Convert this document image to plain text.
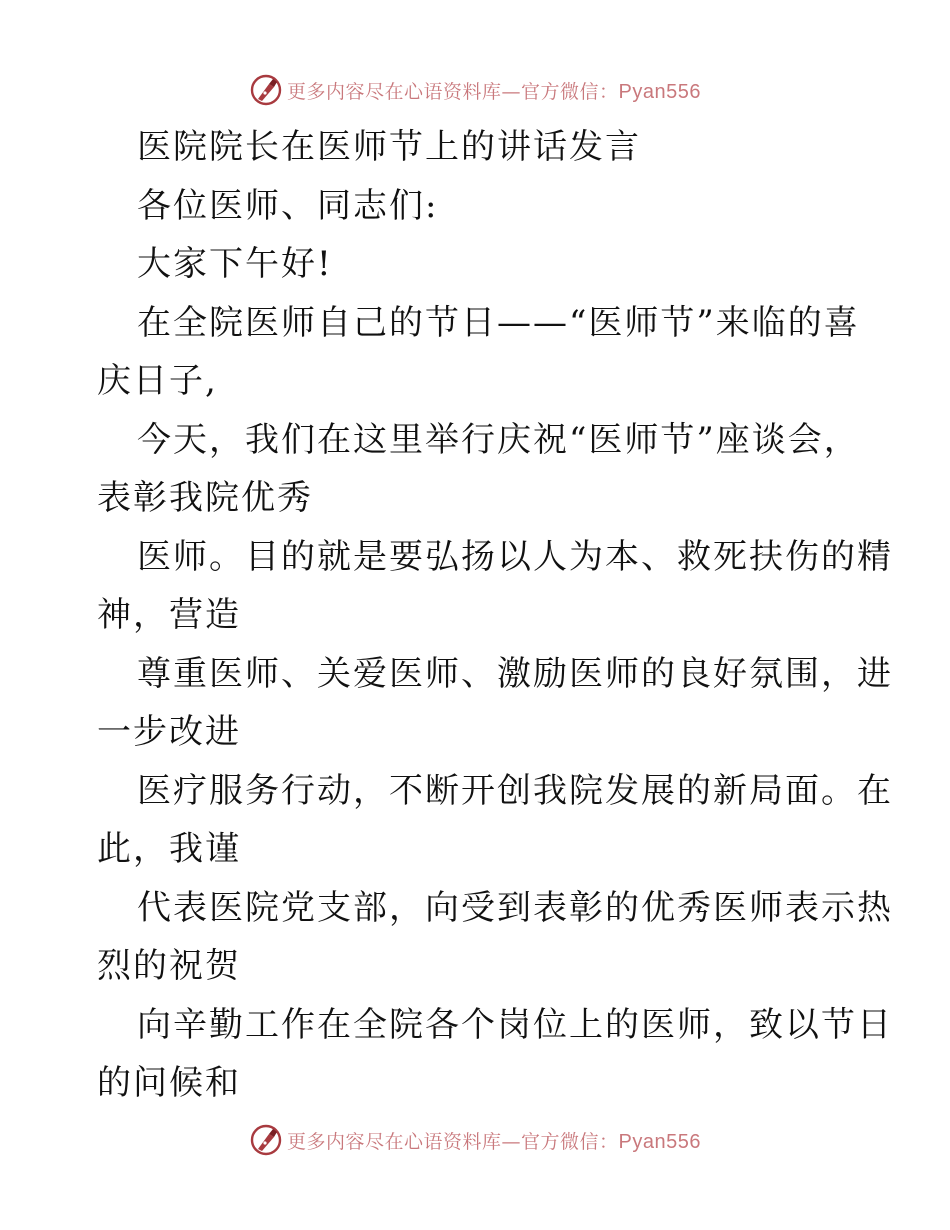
更多内容尽在心语资料库—官方微信：Pyan556
医院院长在医师节上的讲话发言
各位医师、同志们:
大家下午好!
在全院医师自己的节日——“医师节”来临的喜
庆日子,
今天，我们在这里举行庆祝“医师节”座谈会，
表彰我院优秀
医师。目的就是要弘扬以人为本、救死扶伤的精
神，营造
尊重医师、关爱医师、激励医师的良好氛围，进
一步改进
医疗服务行动，不断开创我院发展的新局面。在
此，我谨
代表医院党支部，向受到表彰的优秀医师表示热
烈的祝贺
向辛勤工作在全院各个岗位上的医师，致以节日
的问候和
更多内容尽在心语资料库—官方微信：Pyan556
